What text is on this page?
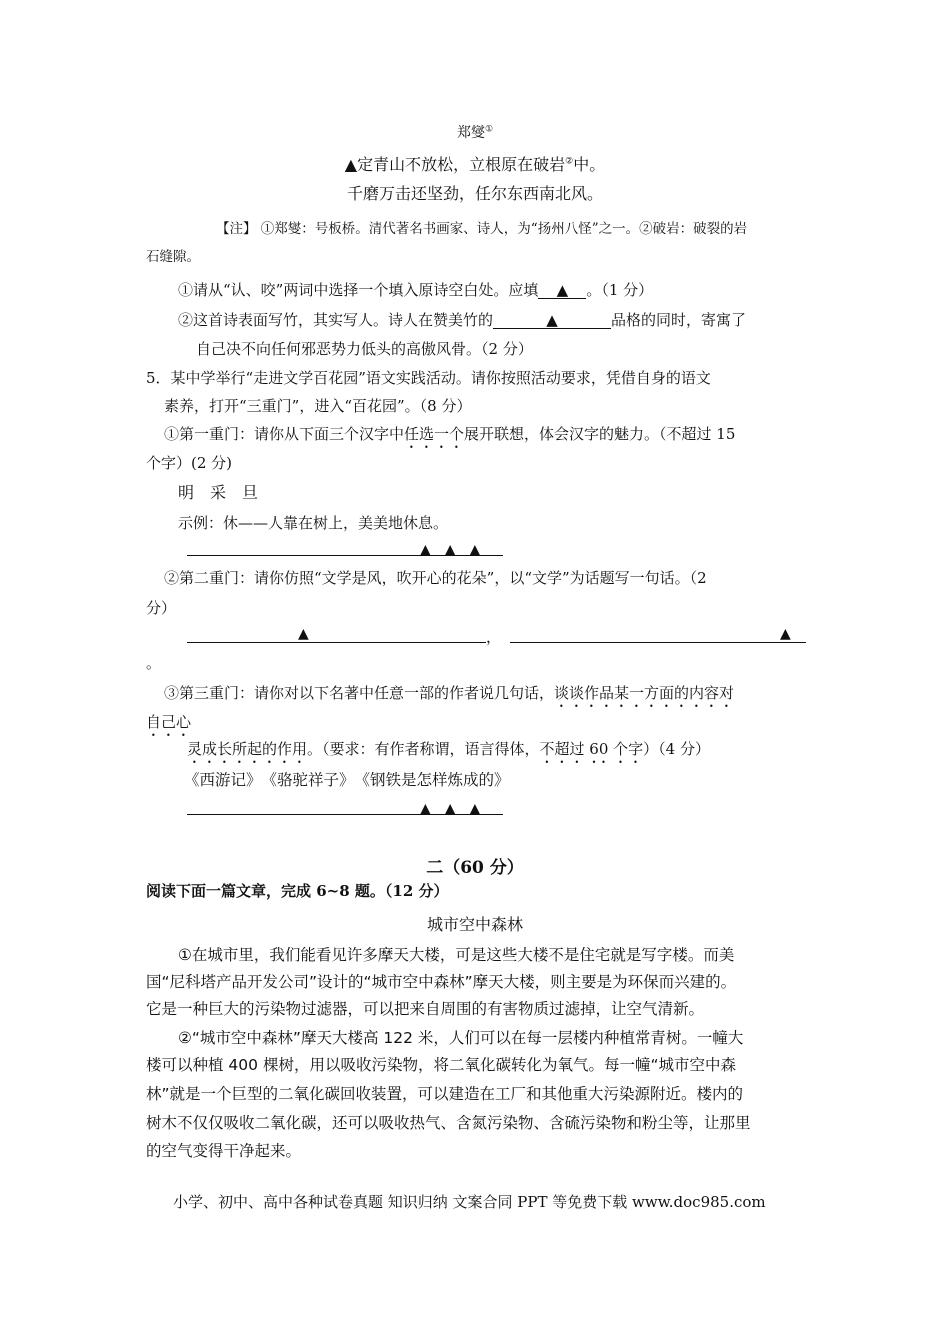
郑燮①
▲定青山不放松，立根原在破岩②中。
千磨万击还坚劲，任尔东西南北风。
【注】 ①郑燮：号板桥。清代著名书画家、诗人，为“扬州八怪”之一。②破岩：破裂的岩
石缝隙。
①请从“认、咬”两词中选择一个填入原诗空白处。应填 ▲ 。（1 分）
②这首诗表面写竹，其实写人。诗人在赞美竹的	▲	品格的同时，寄寓了
自己决不向任何邪恶势力低头的高傲风骨。（2 分）
5．某中学举行“走进文学百花园”语文实践活动。请你按照活动要求，凭借自身的语文
素养，打开“三重门”，进入“百花园”。（8 分）
①第一重门：请你从下面三个汉字中任选一个展开联想，体会汉字的魅力。（不超过 15
个字）(2 分)
明　采　旦
示例：休——人靠在树上，美美地休息。
▲　▲　▲
②第二重门：请你仿照“文学是风，吹开心的花朵”，以“文学”为话题写一句话。（2
分）
▲	，	▲
。
③第三重门：请你对以下名著中任意一部的作者说几句话，谈谈作品某一方面的内容对
自己心
灵成长所起的作用。（要求：有作者称谓，语言得体，不超过 60 个字）（4 分）
《西游记》　《骆驼祥子》　《钢铁是怎样炼成的》
▲　▲　▲
二（60 分）
阅读下面一篇文章，完成 6~8 题。（12 分）
城市空中森林
①在城市里，我们能看见许多摩天大楼，可是这些大楼不是住宅就是写字楼。而美
国“尼科塔产品开发公司”设计的“城市空中森林”摩天大楼，则主要是为环保而兴建的。
它是一种巨大的污染物过滤器，可以把来自周围的有害物质过滤掉，让空气清新。
②“城市空中森林”摩天大楼高 122 米，人们可以在每一层楼内种植常青树。一幢大
楼可以种植 400 棵树，用以吸收污染物，将二氧化碳转化为氧气。每一幢“城市空中森
林”就是一个巨型的二氧化碳回收装置，可以建造在工厂和其他重大污染源附近。楼内的
树木不仅仅吸收二氧化碳，还可以吸收热气、含氮污染物、含硫污染物和粉尘等，让那里
的空气变得干净起来。
小学、初中、高中各种试卷真题 知识归纳 文案合同 PPT 等免费下载 www.doc985.com
